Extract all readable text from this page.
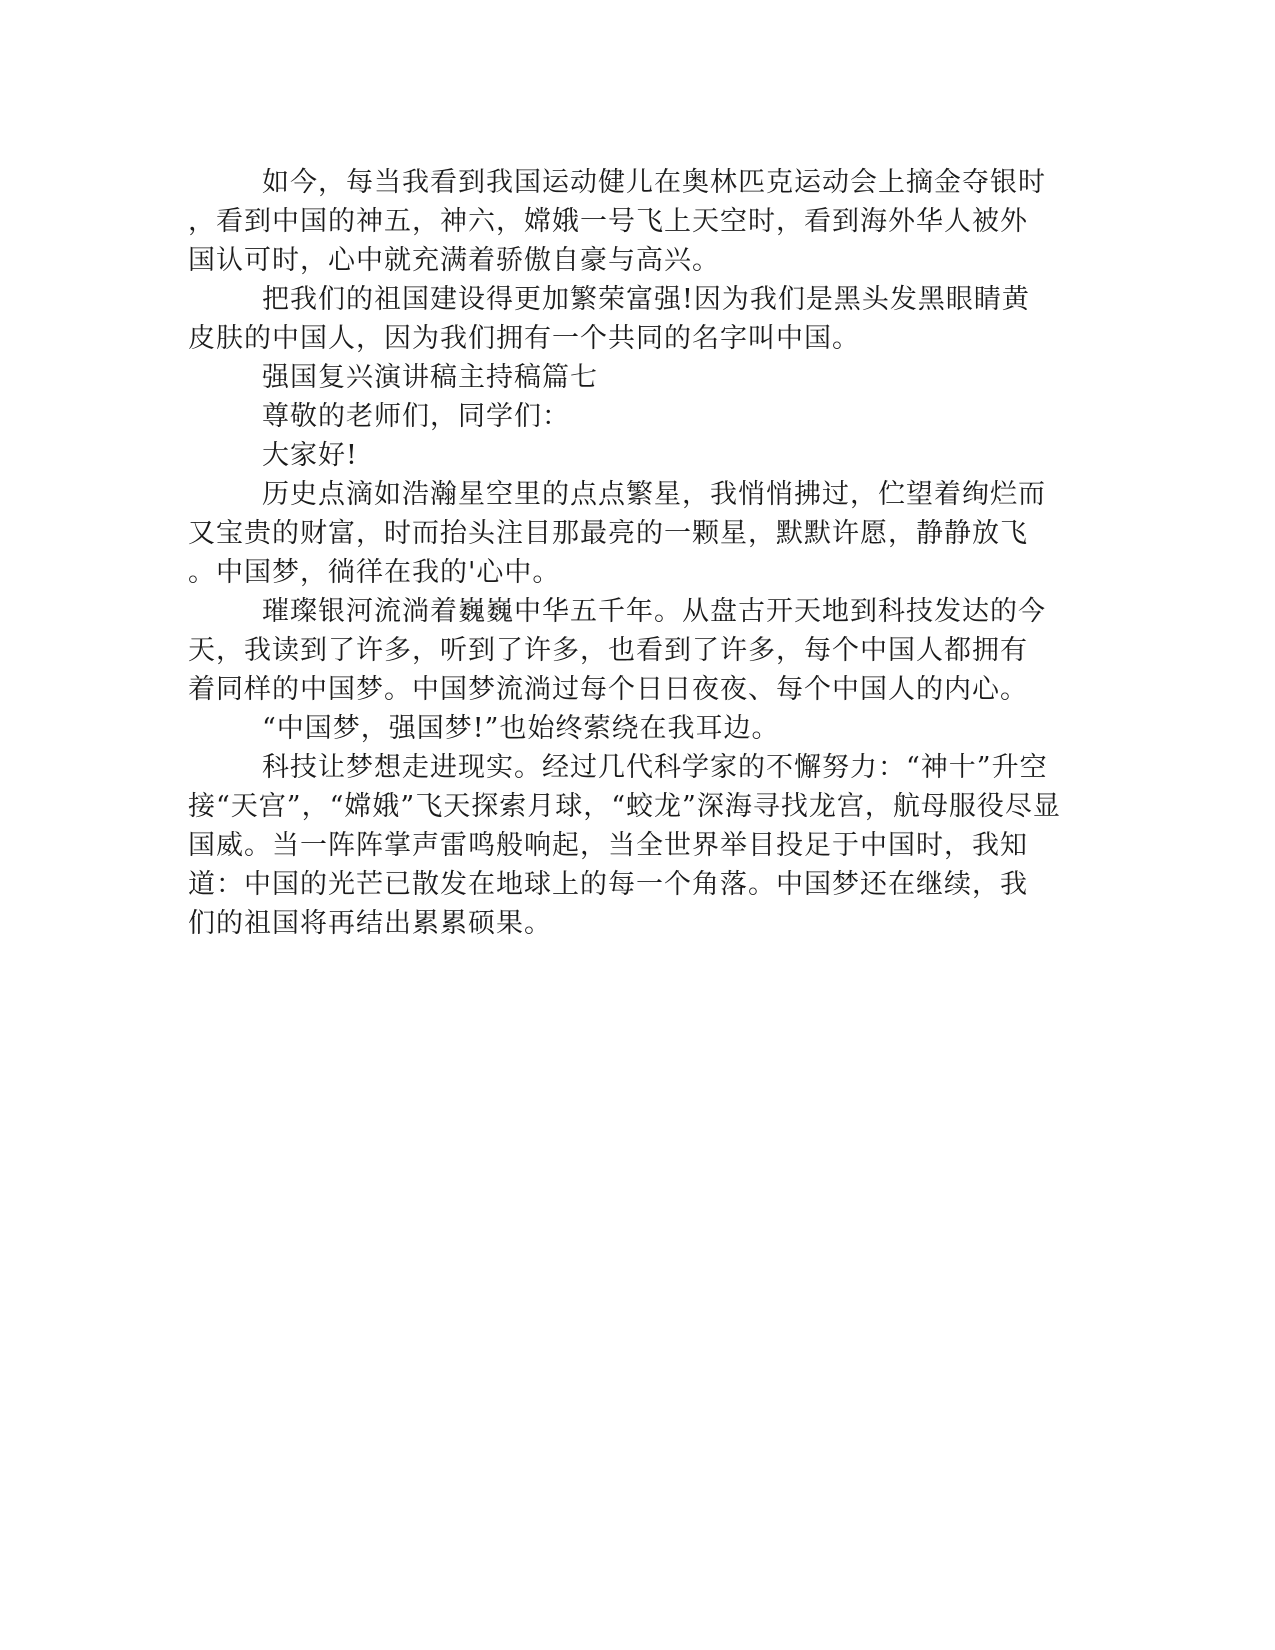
如今，每当我看到我国运动健儿在奥林匹克运动会上摘金夺银时
，看到中国的神五，神六，嫦娥一号飞上天空时，看到海外华人被外
国认可时，心中就充满着骄傲自豪与高兴。
把我们的祖国建设得更加繁荣富强!因为我们是黑头发黑眼睛黄
皮肤的中国人，因为我们拥有一个共同的名字叫中国。
强国复兴演讲稿主持稿篇七
尊敬的老师们，同学们：
大家好!
历史点滴如浩瀚星空里的点点繁星，我悄悄拂过，伫望着绚烂而
又宝贵的财富，时而抬头注目那最亮的一颗星，默默许愿，静静放飞
。中国梦，徜徉在我的'心中。
璀璨银河流淌着巍巍中华五千年。从盘古开天地到科技发达的今
天，我读到了许多，听到了许多，也看到了许多，每个中国人都拥有
着同样的中国梦。中国梦流淌过每个日日夜夜、每个中国人的内心。
“中国梦，强国梦!”也始终萦绕在我耳边。
科技让梦想走进现实。经过几代科学家的不懈努力：“神十”升空
接“天宫”，“嫦娥”飞天探索月球，“蛟龙”深海寻找龙宫，航母服役尽显
国威。当一阵阵掌声雷鸣般响起，当全世界举目投足于中国时，我知
道：中国的光芒已散发在地球上的每一个角落。中国梦还在继续，我
们的祖国将再结出累累硕果。
